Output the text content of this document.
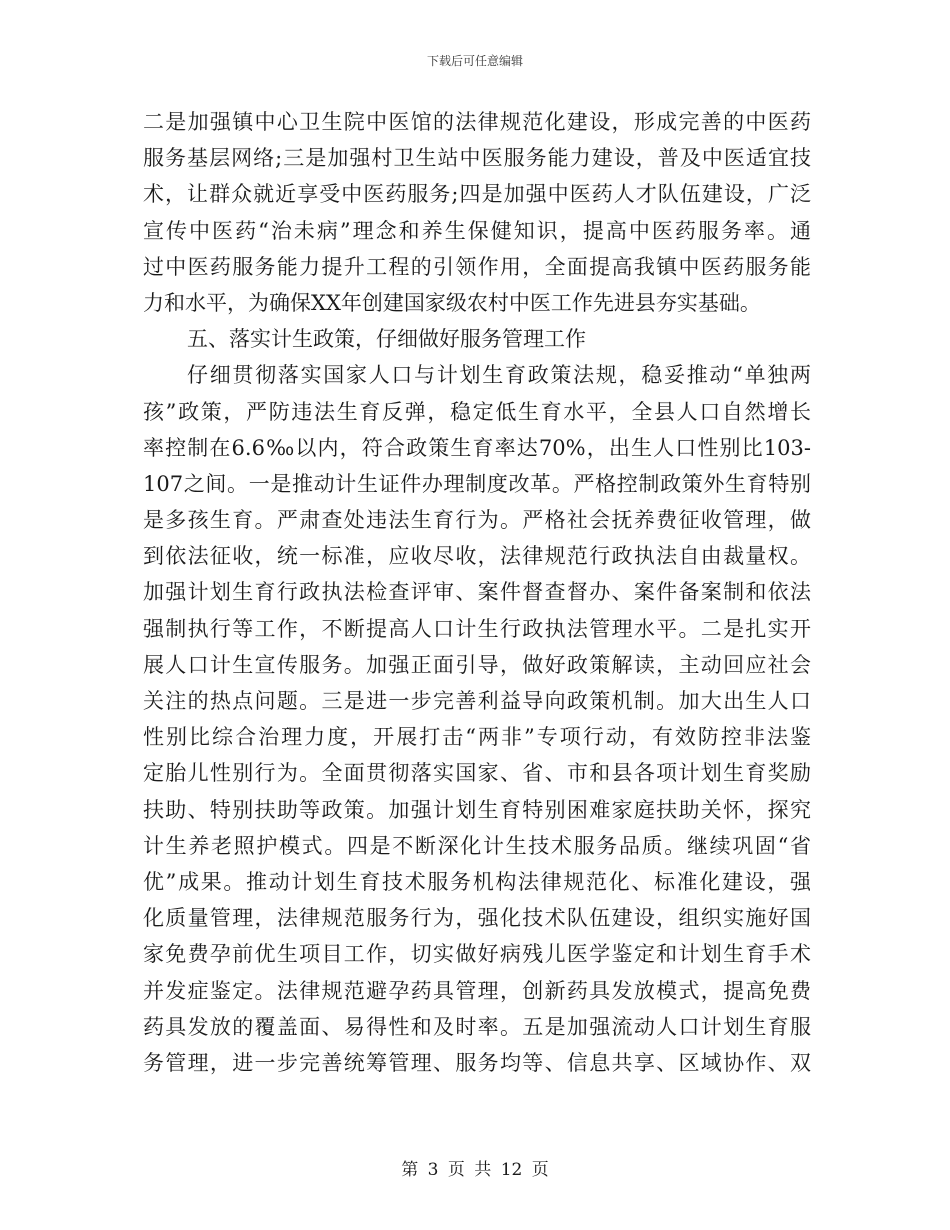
下载后可任意编辑
二是加强镇中心卫生院中医馆的法律规范化建设，形成完善的中医药
服务基层网络;三是加强村卫生站中医服务能力建设，普及中医适宜技
术，让群众就近享受中医药服务;四是加强中医药人才队伍建设，广泛
宣传中医药“治未病”理念和养生保健知识，提高中医药服务率。通
过中医药服务能力提升工程的引领作用，全面提高我镇中医药服务能
力和水平，为确保XX年创建国家级农村中医工作先进县夯实基础。
五、落实计生政策，仔细做好服务管理工作
仔细贯彻落实国家人口与计划生育政策法规，稳妥推动“单独两
孩”政策，严防违法生育反弹，稳定低生育水平，全县人口自然增长
率控制在6.6‰以内，符合政策生育率达70%，出生人口性别比103-
107之间。一是推动计生证件办理制度改革。严格控制政策外生育特别
是多孩生育。严肃查处违法生育行为。严格社会抚养费征收管理，做
到依法征收，统一标准，应收尽收，法律规范行政执法自由裁量权。
加强计划生育行政执法检查评审、案件督查督办、案件备案制和依法
强制执行等工作，不断提高人口计生行政执法管理水平。二是扎实开
展人口计生宣传服务。加强正面引导，做好政策解读，主动回应社会
关注的热点问题。三是进一步完善利益导向政策机制。加大出生人口
性别比综合治理力度，开展打击“两非”专项行动，有效防控非法鉴
定胎儿性别行为。全面贯彻落实国家、省、市和县各项计划生育奖励
扶助、特别扶助等政策。加强计划生育特别困难家庭扶助关怀，探究
计生养老照护模式。四是不断深化计生技术服务品质。继续巩固“省
优”成果。推动计划生育技术服务机构法律规范化、标准化建设，强
化质量管理，法律规范服务行为，强化技术队伍建设，组织实施好国
家免费孕前优生项目工作，切实做好病残儿医学鉴定和计划生育手术
并发症鉴定。法律规范避孕药具管理，创新药具发放模式，提高免费
药具发放的覆盖面、易得性和及时率。五是加强流动人口计划生育服
务管理，进一步完善统筹管理、服务均等、信息共享、区域协作、双
第 3 页 共 12 页
